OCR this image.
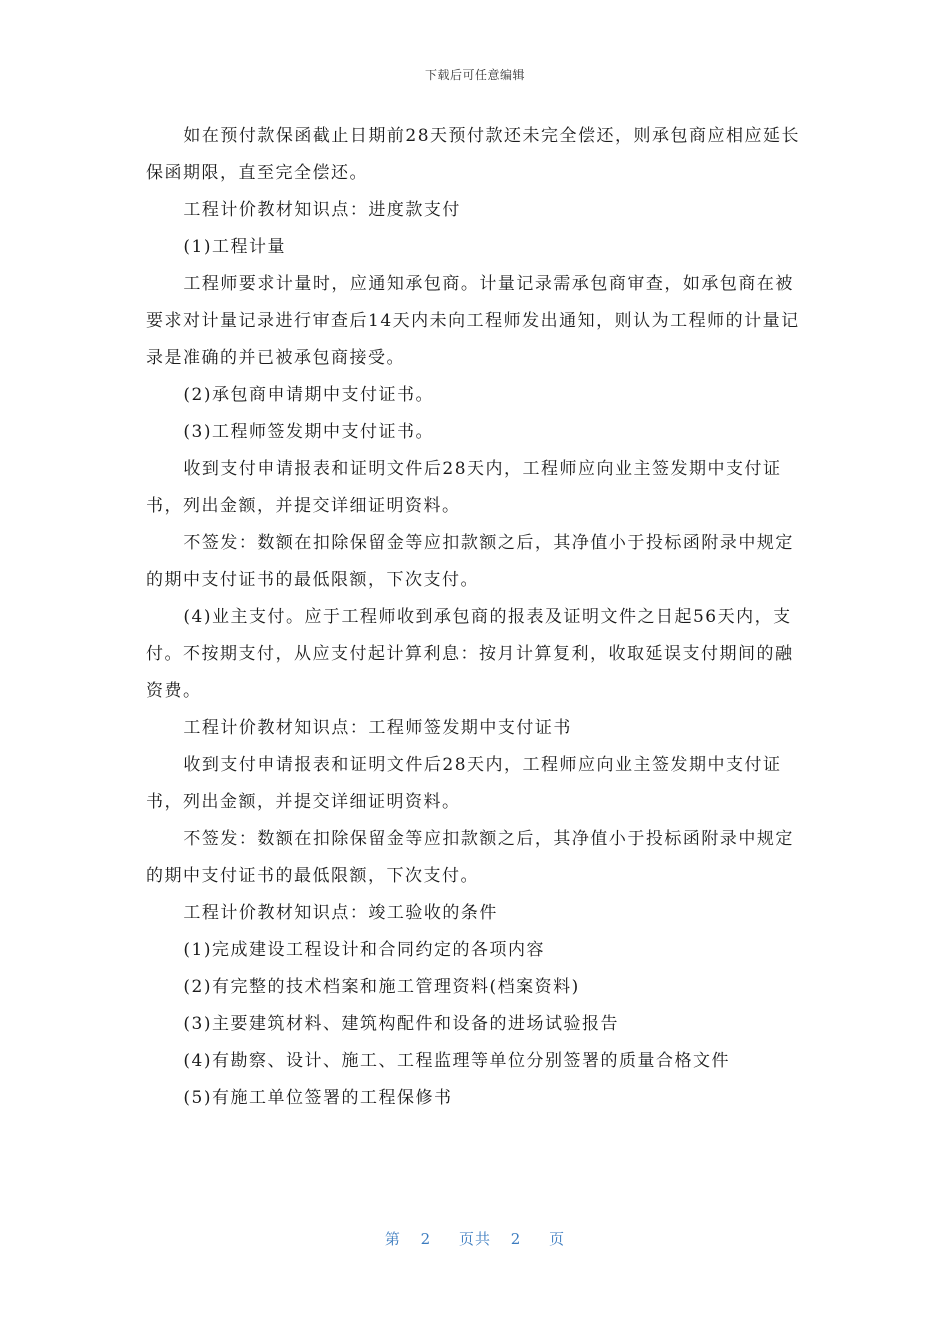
下载后可任意编辑

如在预付款保函截止日期前28天预付款还未完全偿还，则承包商应相应延长保函期限，直至完全偿还。

工程计价教材知识点：进度款支付

(1)工程计量

工程师要求计量时，应通知承包商。计量记录需承包商审查，如承包商在被要求对计量记录进行审查后14天内未向工程师发出通知，则认为工程师的计量记录是准确的并已被承包商接受。

(2)承包商申请期中支付证书。

(3)工程师签发期中支付证书。

收到支付申请报表和证明文件后28天内，工程师应向业主签发期中支付证书，列出金额，并提交详细证明资料。

不签发：数额在扣除保留金等应扣款额之后，其净值小于投标函附录中规定的期中支付证书的最低限额，下次支付。

(4)业主支付。应于工程师收到承包商的报表及证明文件之日起56天内，支付。不按期支付，从应支付起计算利息：按月计算复利，收取延误支付期间的融资费。

工程计价教材知识点：工程师签发期中支付证书

收到支付申请报表和证明文件后28天内，工程师应向业主签发期中支付证书，列出金额，并提交详细证明资料。

不签发：数额在扣除保留金等应扣款额之后，其净值小于投标函附录中规定的期中支付证书的最低限额，下次支付。

工程计价教材知识点：竣工验收的条件

(1)完成建设工程设计和合同约定的各项内容

(2)有完整的技术档案和施工管理资料(档案资料)

(3)主要建筑材料、建筑构配件和设备的进场试验报告

(4)有勘察、设计、施工、工程监理等单位分别签署的质量合格文件

(5)有施工单位签署的工程保修书

第 2 页共 2 页
